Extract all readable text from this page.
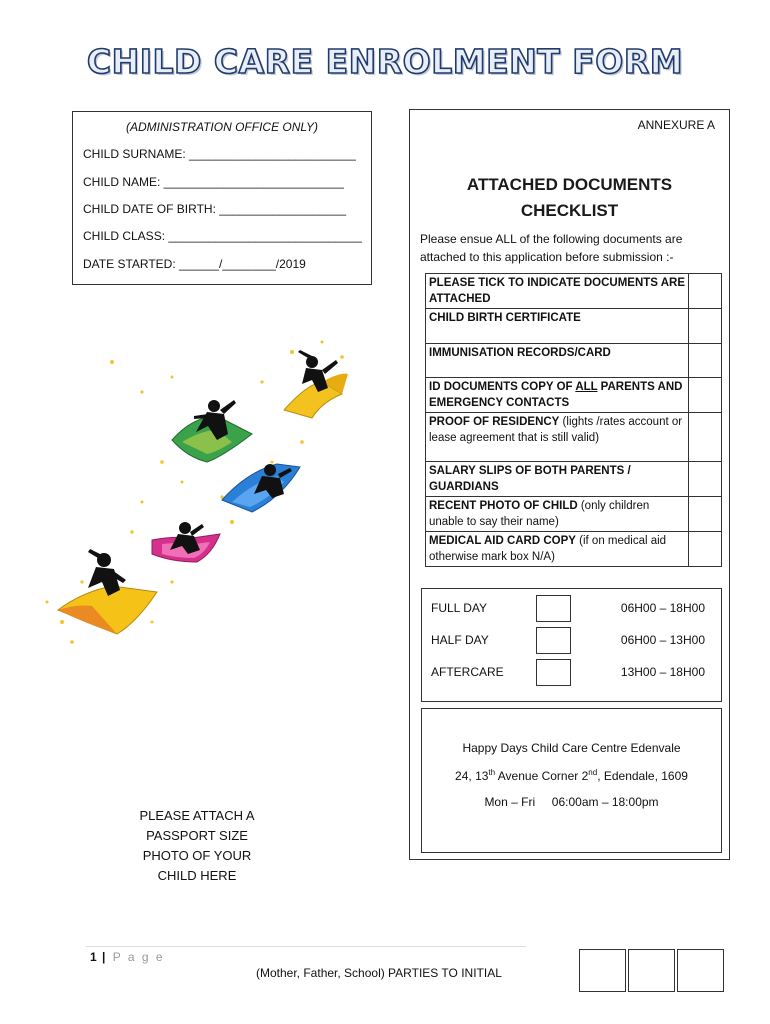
CHILD CARE ENROLMENT FORM
(ADMINISTRATION OFFICE ONLY)
CHILD SURNAME: _________________________
CHILD NAME: ___________________________
CHILD DATE OF BIRTH: ___________________
CHILD CLASS: _____________________________
DATE STARTED: ______/________/2019
ANNEXURE A
ATTACHED DOCUMENTS
CHECKLIST
Please ensue ALL of the following documents are attached to this application before submission :-
PLEASE TICK TO INDICATE DOCUMENTS ARE ATTACHED	
CHILD BIRTH CERTIFICATE	
IMMUNISATION RECORDS/CARD	
ID DOCUMENTS COPY OF ALL PARENTS AND EMERGENCY CONTACTS	
PROOF OF RESIDENCY (lights /rates account or lease agreement that is still valid)	
SALARY SLIPS OF BOTH PARENTS / GUARDIANS	
RECENT PHOTO OF CHILD (only children unable to say their name)	
MEDICAL AID CARD COPY (if on medical aid otherwise mark box N/A)	
FULL DAY	06H00 – 18H00
HALF DAY	06H00 – 13H00
AFTERCARE	13H00 – 18H00
Happy Days Child Care Centre Edenvale
24, 13th Avenue Corner 2nd, Edendale, 1609
Mon – Fri 06:00am – 18:00pm
PLEASE ATTACH A
PASSPORT SIZE
PHOTO OF YOUR
CHILD HERE
1 | P a g e
(Mother, Father, School) PARTIES TO INITIAL
